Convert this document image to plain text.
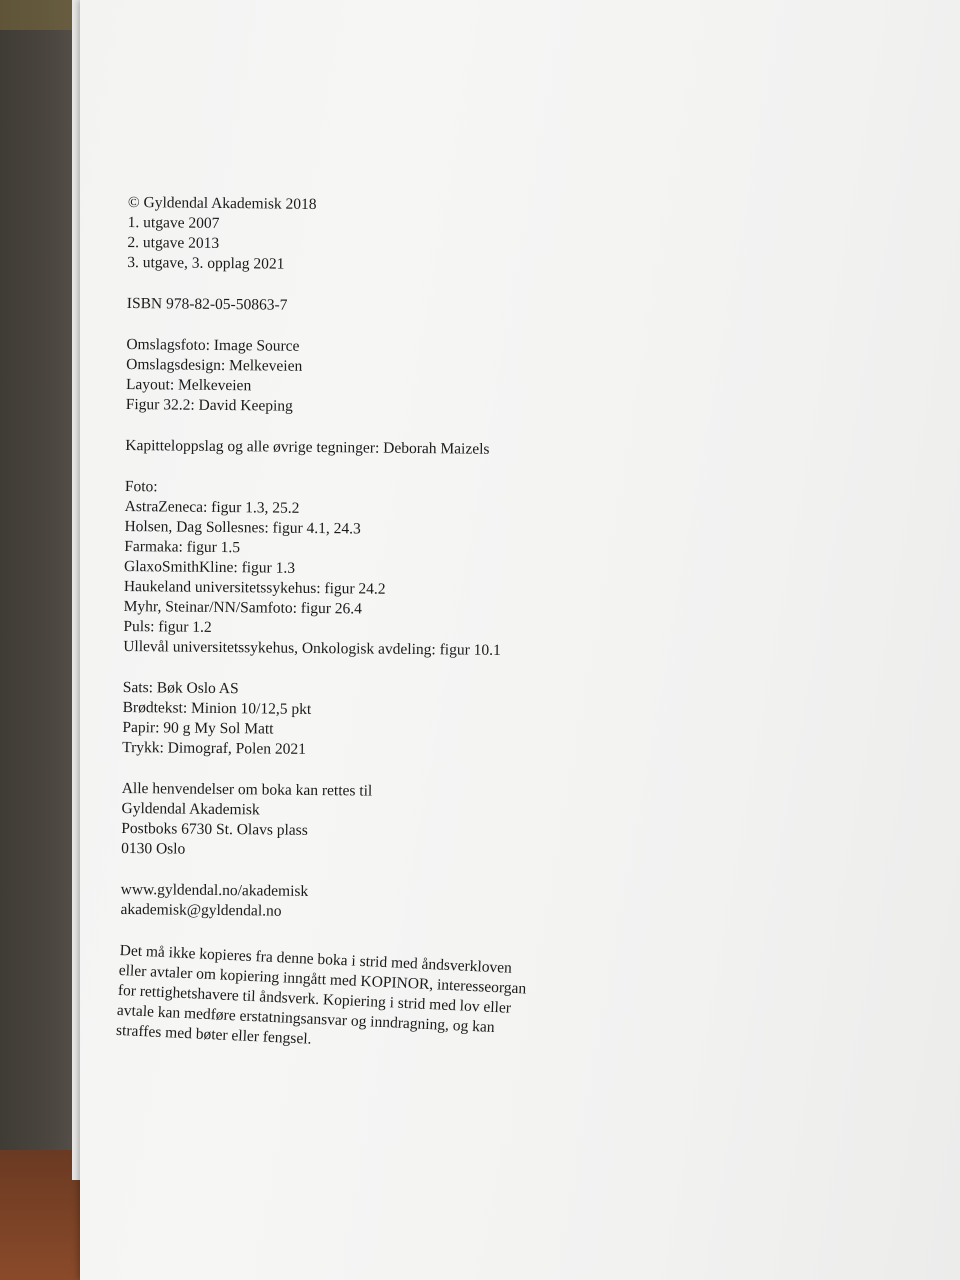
© Gyldendal Akademisk 2018
1. utgave 2007
2. utgave 2013
3. utgave, 3. opplag 2021
ISBN 978-82-05-50863-7
Omslagsfoto: Image Source
Omslagsdesign: Melkeveien
Layout: Melkeveien
Figur 32.2: David Keeping
Kapitteloppslag og alle øvrige tegninger: Deborah Maizels
Foto:
AstraZeneca: figur 1.3, 25.2
Holsen, Dag Sollesnes: figur 4.1, 24.3
Farmaka: figur 1.5
GlaxoSmithKline: figur 1.3
Haukeland universitetssykehus: figur 24.2
Myhr, Steinar/NN/Samfoto: figur 26.4
Puls: figur 1.2
Ullevål universitetssykehus, Onkologisk avdeling: figur 10.1
Sats: Bøk Oslo AS
Brødtekst: Minion 10/12,5 pkt
Papir: 90 g My Sol Matt
Trykk: Dimograf, Polen 2021
Alle henvendelser om boka kan rettes til
Gyldendal Akademisk
Postboks 6730 St. Olavs plass
0130 Oslo
www.gyldendal.no/akademisk
akademisk@gyldendal.no
Det må ikke kopieres fra denne boka i strid med åndsverkloven eller avtaler om kopiering inngått med KOPINOR, interesseorgan for rettighetshavere til åndsverk. Kopiering i strid med lov eller avtale kan medføre erstatningsansvar og inndragning, og kan straffes med bøter eller fengsel.
